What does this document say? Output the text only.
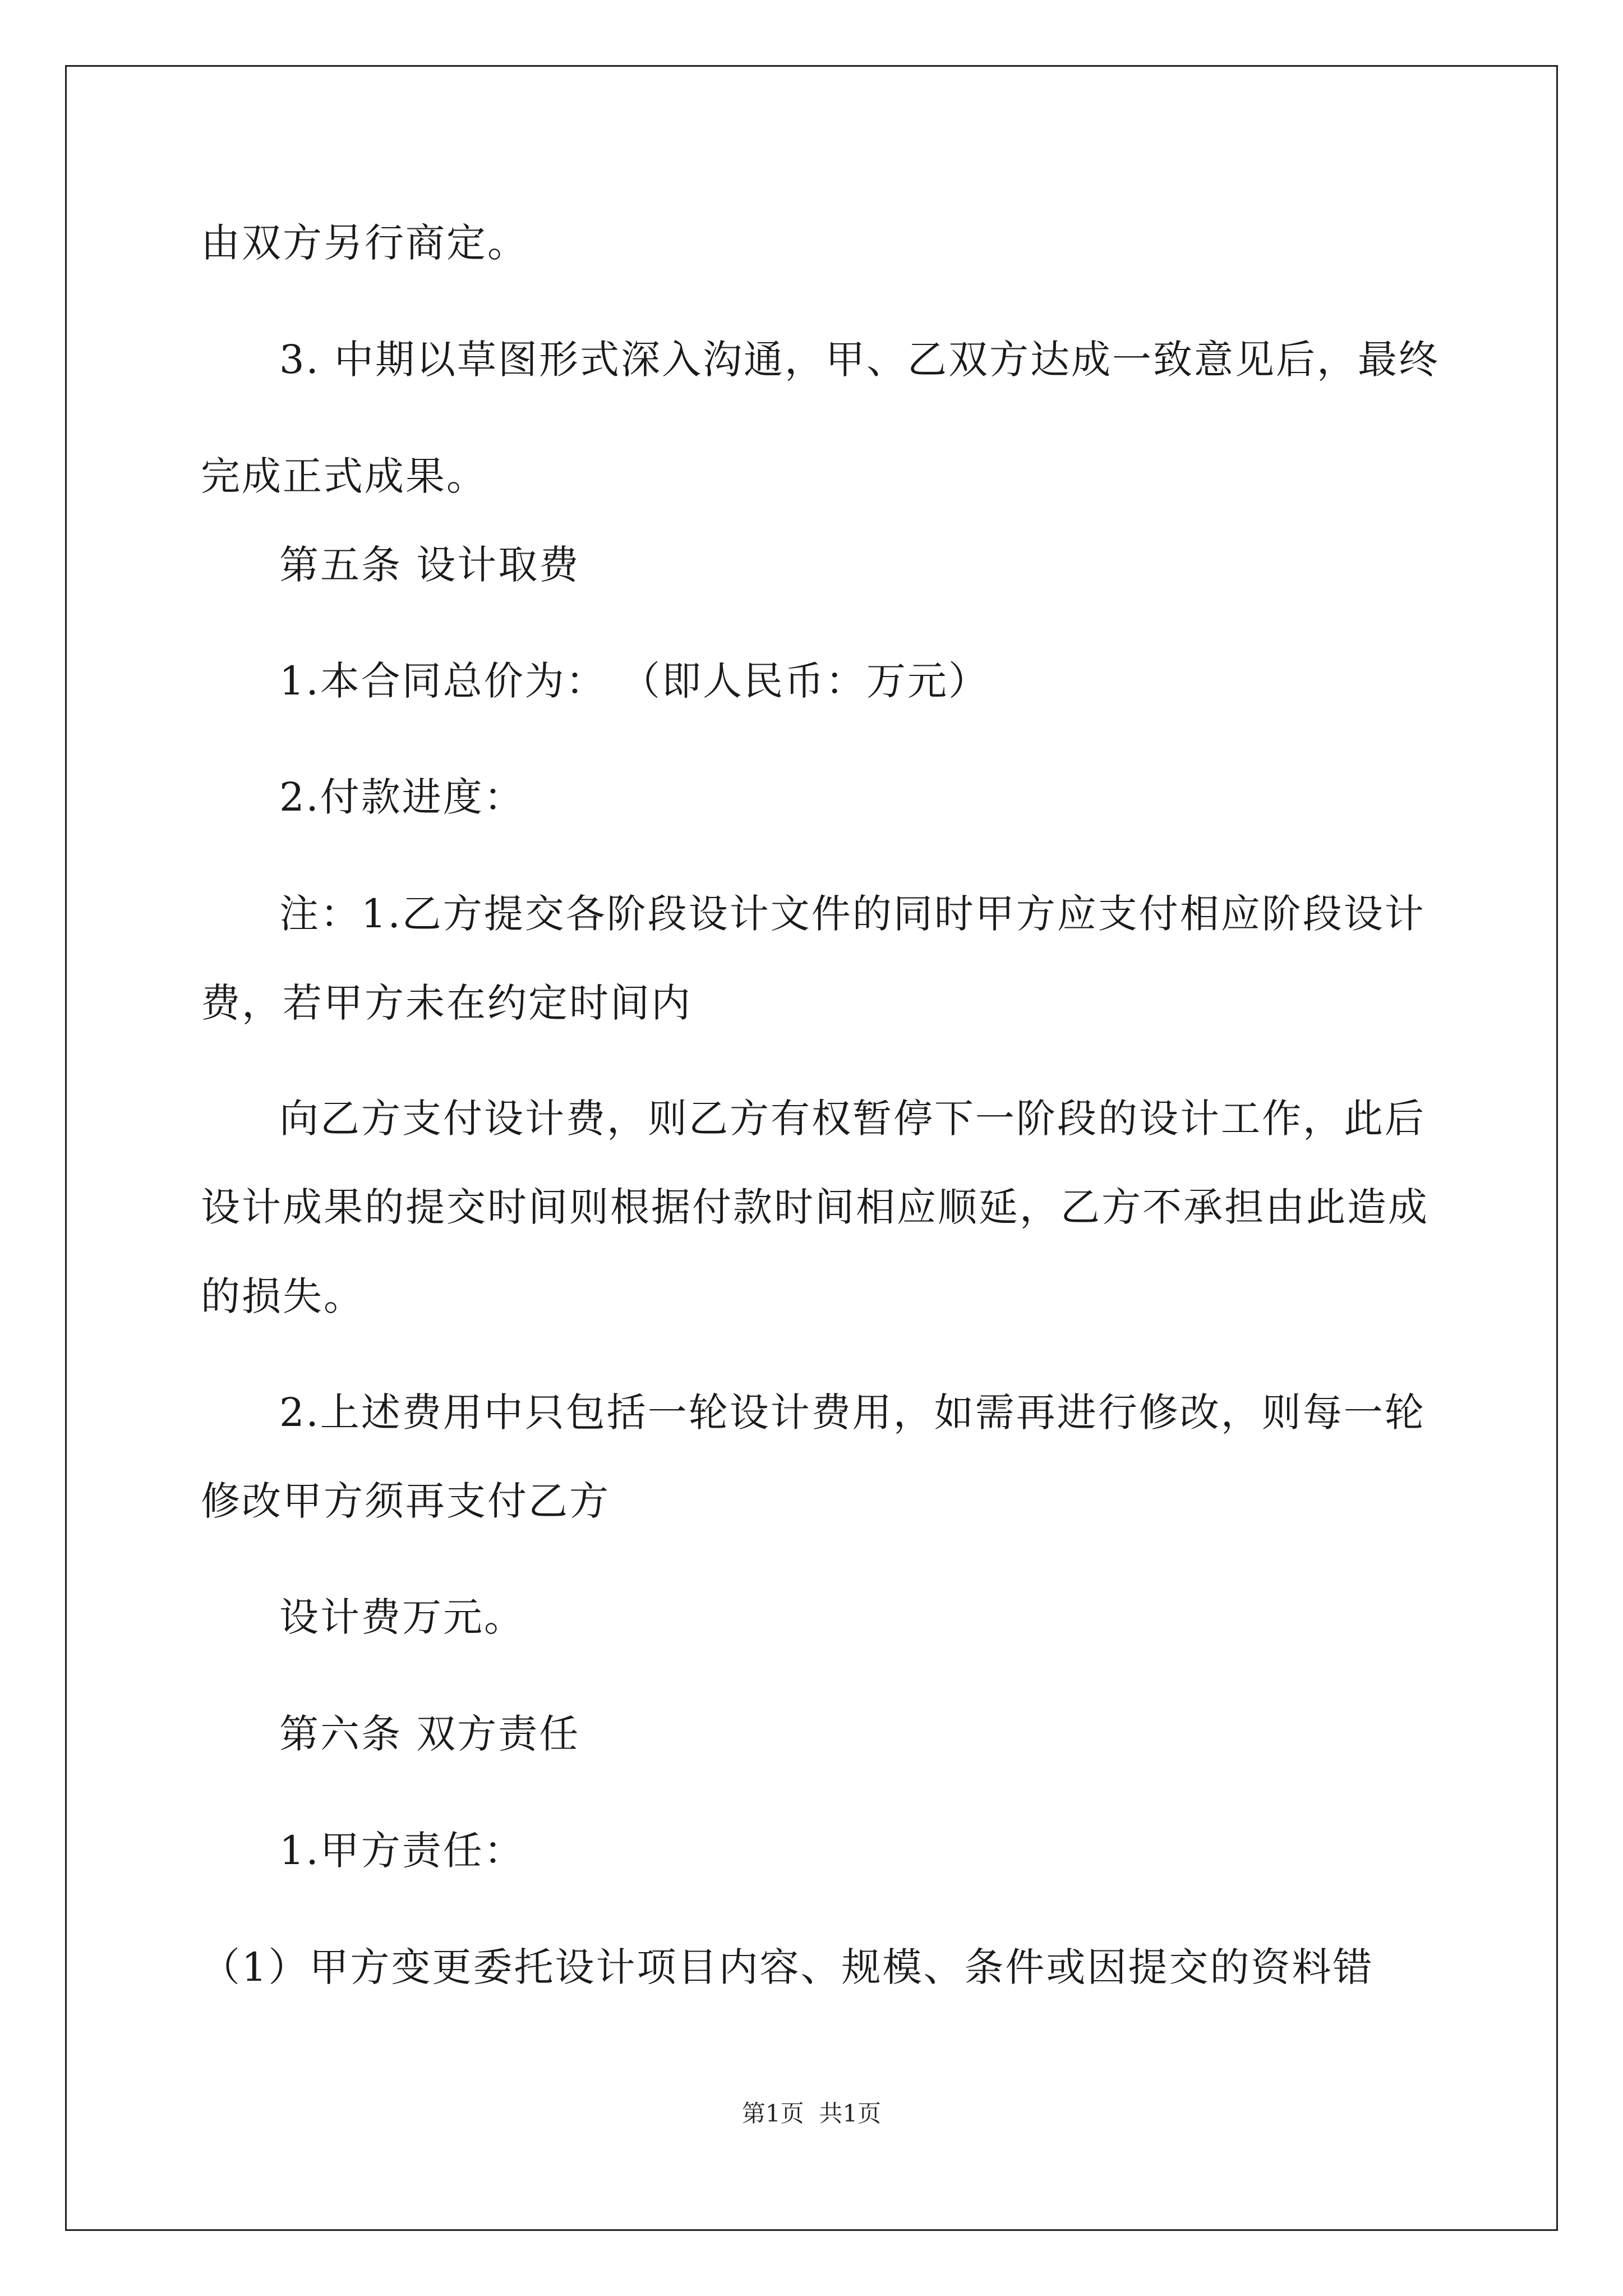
由双方另行商定。
3. 中期以草图形式深入沟通，甲、乙双方达成一致意见后，最终
完成正式成果。
第五条 设计取费
1.本合同总价为： （即人民币：万元）
2.付款进度：
注：1.乙方提交各阶段设计文件的同时甲方应支付相应阶段设计
费，若甲方未在约定时间内
向乙方支付设计费，则乙方有权暂停下一阶段的设计工作，此后
设计成果的提交时间则根据付款时间相应顺延，乙方不承担由此造成
的损失。
2.上述费用中只包括一轮设计费用，如需再进行修改，则每一轮
修改甲方须再支付乙方
设计费万元。
第六条 双方责任
1.甲方责任：
（1）甲方变更委托设计项目内容、规模、条件或因提交的资料错
第1页  共1页
